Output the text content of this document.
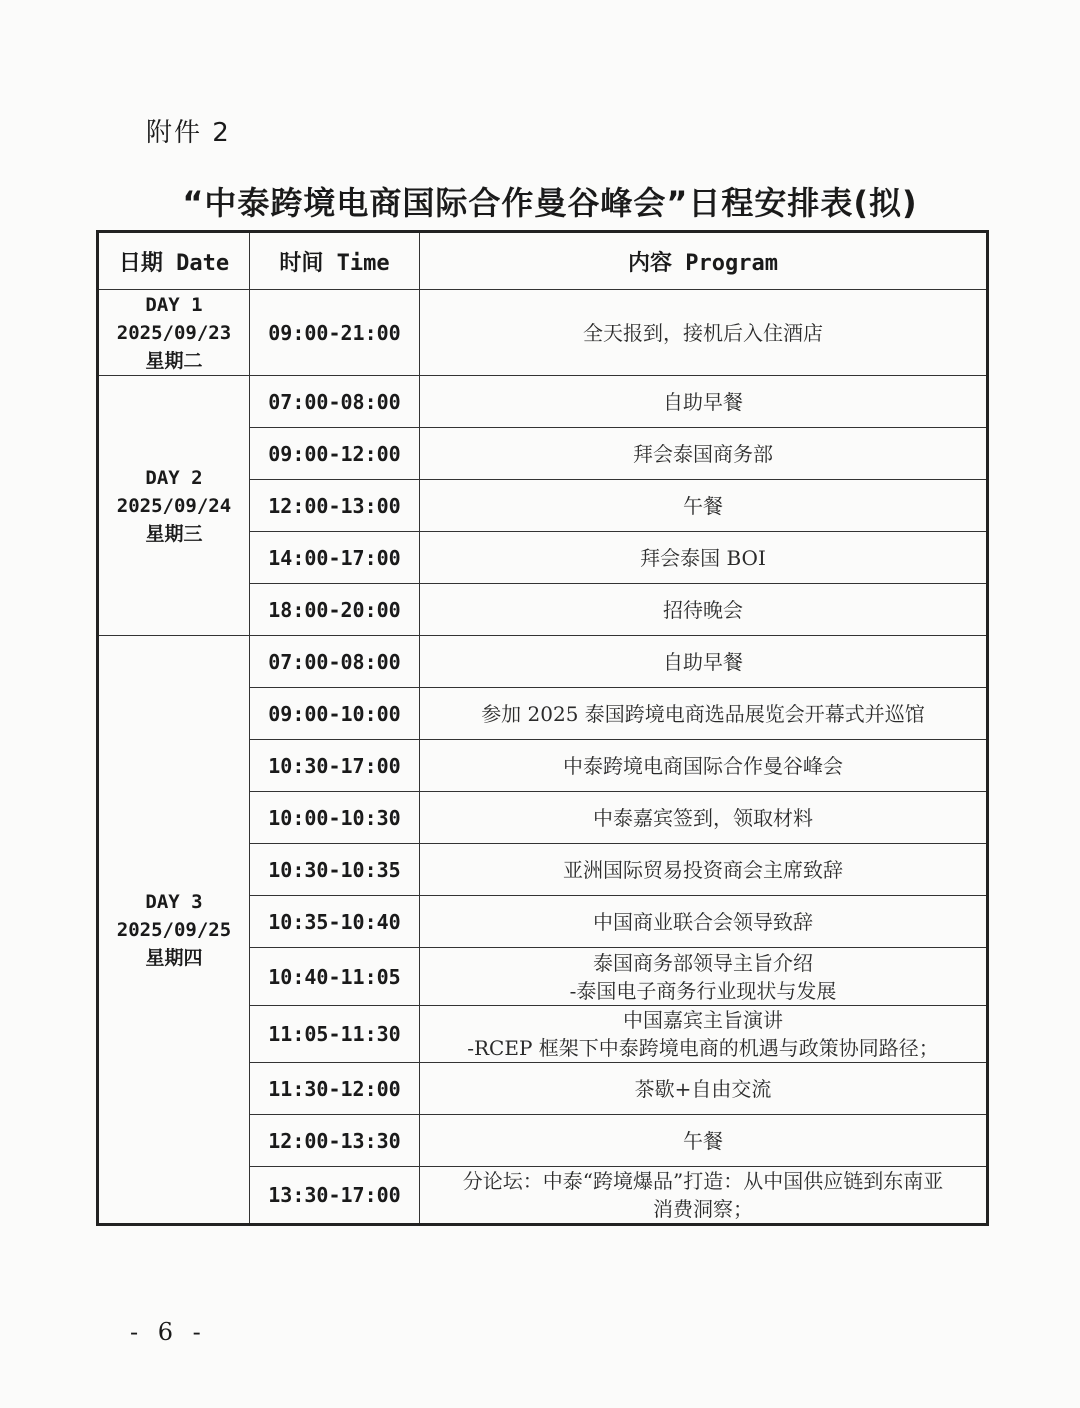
附件 2
“中泰跨境电商国际合作曼谷峰会”日程安排表(拟)
日期 Date	时间 Time	内容 Program

DAY 1
2025/09/23
星期二	09:00-21:00	全天报到，接机后入住酒店

DAY 2
2025/09/24
星期三	07:00-08:00	自助早餐

	09:00-12:00	拜会泰国商务部

	12:00-13:00	午餐

	14:00-17:00	拜会泰国 BOI

	18:00-20:00	招待晚会

DAY 3
2025/09/25
星期四	07:00-08:00	自助早餐

	09:00-10:00	参加 2025 泰国跨境电商选品展览会开幕式并巡馆

	10:30-17:00	中泰跨境电商国际合作曼谷峰会

	10:00-10:30	中泰嘉宾签到，领取材料

	10:30-10:35	亚洲国际贸易投资商会主席致辞

	10:35-10:40	中国商业联合会领导致辞

	10:40-11:05	泰国商务部领导主旨介绍
-泰国电子商务行业现状与发展

	11:05-11:30	中国嘉宾主旨演讲
-RCEP 框架下中泰跨境电商的机遇与政策协同路径；

	11:30-12:00	茶歇+自由交流

	12:00-13:30	午餐

	13:30-17:00	分论坛：中泰“跨境爆品”打造：从中国供应链到东南亚
消费洞察；
- 6 -
